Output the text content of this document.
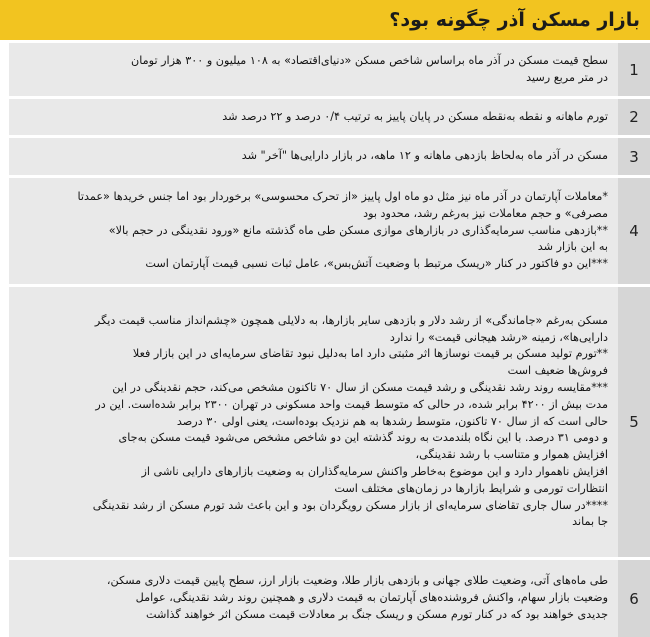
بازار مسکن آذر چگونه بود؟
سطح قیمت مسکن در آذر ماه براساس شاخص مسکن «دنیای‌اقتصاد» به ۱۰۸ میلیون و ۳۰۰ هزار تومان
در متر مربع رسید 1
تورم ماهانه و نقطه به‌نقطه مسکن در پایان پاییز به ترتیب ۰/۴ درصد و ۲۲ درصد شد 2
مسکن در آذر ماه به‌لحاظ بازدهی ماهانه و ۱۲ ماهه، در بازار دارایی‌ها "آخر" شد 3
*معاملات آپارتمان در آذر ماه نیز مثل دو ماه اول پاییز «از تحرک محسوسی» برخوردار بود اما جنس خریدها «عمدتا
مصرفی» و حجم معاملات نیز به‌رغم رشد، محدود بود
**بازدهی مناسب سرمایه‌گذاری در بازارهای موازی مسکن طی ماه گذشته مانع «ورود نقدینگی در حجم بالا»
به این بازار شد
***این دو فاکتور در کنار «ریسک مرتبط با وضعیت آتش‌بس»، عامل ثبات نسبی قیمت آپارتمان است
4
مسکن به‌رغم «جاماندگی» از رشد دلار و بازدهی سایر بازارها، به دلایلی همچون «چشم‌انداز مناسب قیمت دیگر
دارایی‌ها»، زمینه «رشد هیجانی قیمت» را ندارد
**تورم تولید مسکن بر قیمت نوسازها اثر مثبتی دارد اما به‌دلیل نبود تقاضای سرمایه‌ای در این بازار فعلا
فروش‌ها ضعیف است
***مقایسه روند رشد نقدینگی و رشد قیمت مسکن از سال ۷۰ تاکنون مشخص می‌کند، حجم نقدینگی در این
مدت بیش از ۴۲۰۰ برابر شده، در حالی که متوسط قیمت واحد مسکونی در تهران ۲۳۰۰ برابر شده‌است. این در
حالی است که از سال ۷۰ تاکنون، متوسط رشدها به هم نزدیک بوده‌است، یعنی اولی ۳۰ درصد
و دومی ۳۱ درصد. با این نگاه بلندمدت به روند گذشته این دو شاخص مشخص می‌شود قیمت مسکن به‌جای
افزایش هموار و متناسب با رشد نقدینگی،
افزایش ناهموار دارد و این موضوع به‌خاطر واکنش سرمایه‌گذاران به وضعیت بازارهای دارایی ناشی از
انتظارات تورمی و شرایط بازارها در زمان‌های مختلف است
****در سال جاری تقاضای سرمایه‌ای از بازار مسکن رویگردان بود و این باعث شد تورم مسکن از رشد نقدینگی
جا بماند
5
طی ماه‌های آتی، وضعیت طلای جهانی و بازدهی بازار طلا، وضعیت بازار ارز، سطح پایین قیمت دلاری مسکن،
وضعیت بازار سهام، واکنش فروشنده‌های آپارتمان به قیمت دلاری و همچنین روند رشد نقدینگی، عوامل
جدیدی خواهند بود که در کنار تورم مسکن و ریسک جنگ بر معادلات قیمت مسکن اثر خواهند گذاشت
6
